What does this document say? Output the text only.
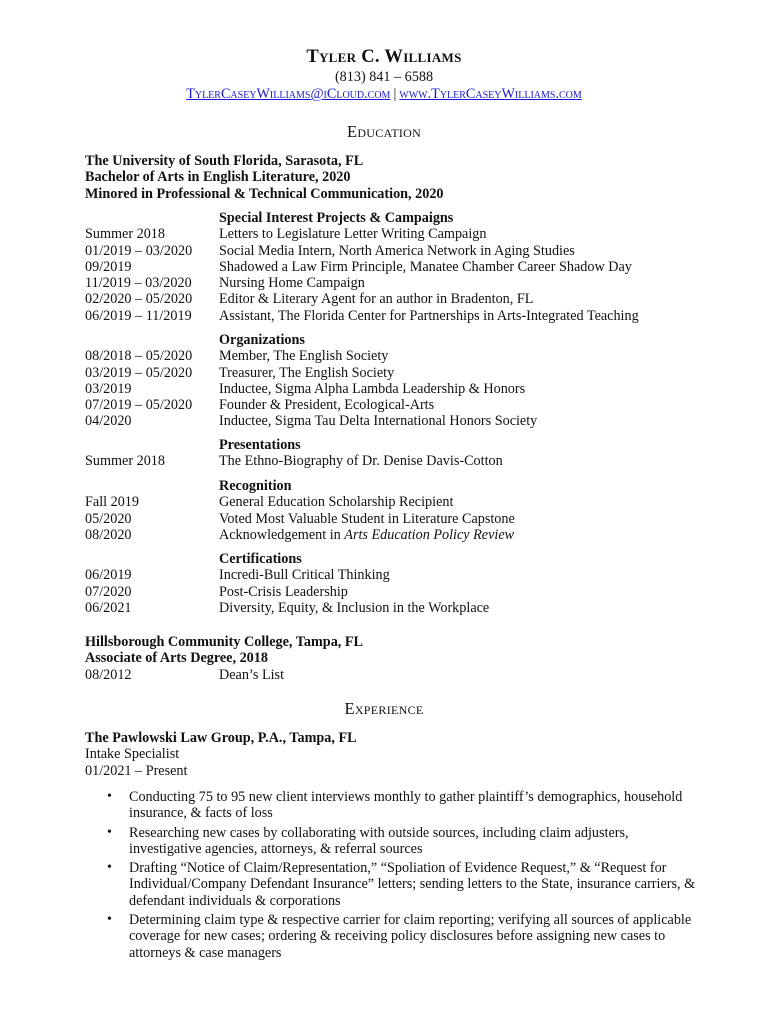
Tyler C. Williams
(813) 841 – 6588
TylerCaseyWilliams@iCloud.com | www.TylerCaseyWilliams.com
Education
The University of South Florida, Sarasota, FL
Bachelor of Arts in English Literature, 2020
Minored in Professional & Technical Communication, 2020
Special Interest Projects & Campaigns
Summer 2018	Letters to Legislature Letter Writing Campaign
01/2019 – 03/2020 Social Media Intern, North America Network in Aging Studies
09/2019	Shadowed a Law Firm Principle, Manatee Chamber Career Shadow Day
11/2019 – 03/2020 Nursing Home Campaign
02/2020 – 05/2020 Editor & Literary Agent for an author in Bradenton, FL
06/2019 – 11/2019 Assistant, The Florida Center for Partnerships in Arts-Integrated Teaching
Organizations
08/2018 – 05/2020 Member, The English Society
03/2019 – 05/2020 Treasurer, The English Society
03/2019	Inductee, Sigma Alpha Lambda Leadership & Honors
07/2019 – 05/2020 Founder & President, Ecological-Arts
04/2020	Inductee, Sigma Tau Delta International Honors Society
Presentations
Summer 2018	The Ethno-Biography of Dr. Denise Davis-Cotton
Recognition
Fall 2019	General Education Scholarship Recipient
05/2020	Voted Most Valuable Student in Literature Capstone
08/2020	Acknowledgement in Arts Education Policy Review
Certifications
06/2019	Incredi-Bull Critical Thinking
07/2020	Post-Crisis Leadership
06/2021	Diversity, Equity, & Inclusion in the Workplace
Hillsborough Community College, Tampa, FL
Associate of Arts Degree, 2018
08/2012	Dean’s List
Experience
The Pawlowski Law Group, P.A., Tampa, FL
Intake Specialist
01/2021 – Present
• Conducting 75 to 95 new client interviews monthly to gather plaintiff’s demographics, household insurance, & facts of loss
• Researching new cases by collaborating with outside sources, including claim adjusters, investigative agencies, attorneys, & referral sources
• Drafting “Notice of Claim/Representation,” “Spoliation of Evidence Request,” & “Request for Individual/Company Defendant Insurance” letters; sending letters to the State, insurance carriers, & defendant individuals & corporations
• Determining claim type & respective carrier for claim reporting; verifying all sources of applicable coverage for new cases; ordering & receiving policy disclosures before assigning new cases to attorneys & case managers
